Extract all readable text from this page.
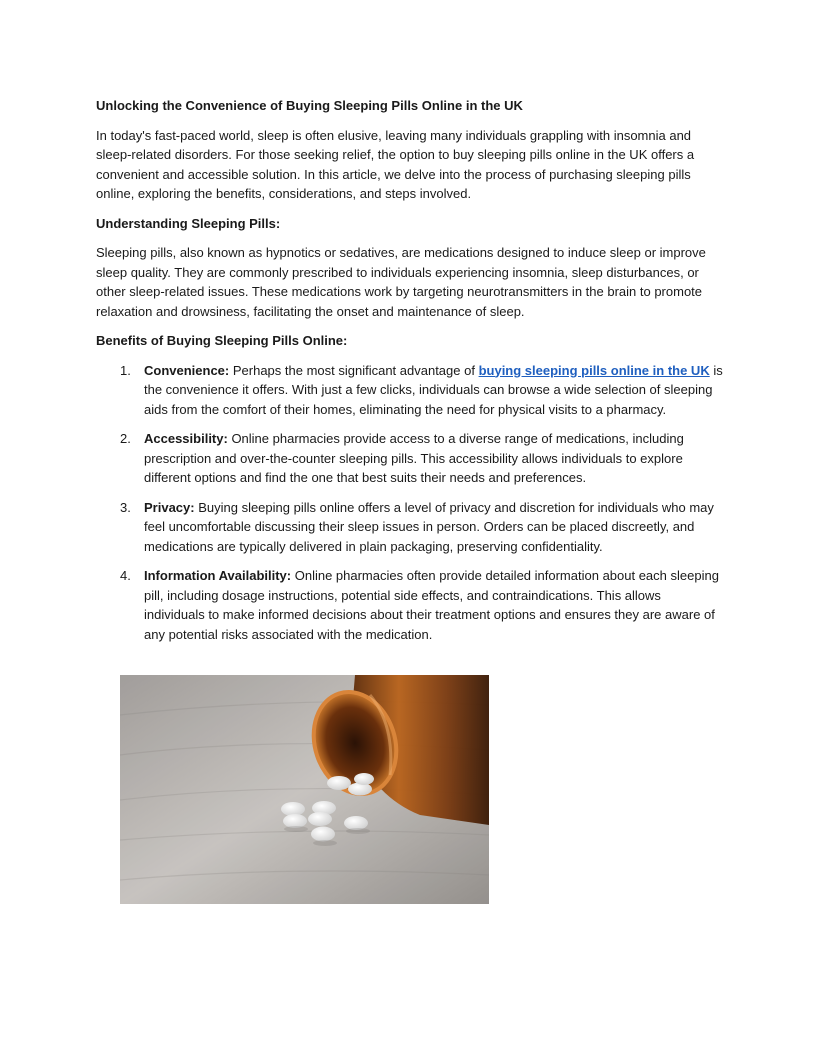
Unlocking the Convenience of Buying Sleeping Pills Online in the UK

In today's fast-paced world, sleep is often elusive, leaving many individuals grappling with insomnia and sleep-related disorders. For those seeking relief, the option to buy sleeping pills online in the UK offers a convenient and accessible solution. In this article, we delve into the process of purchasing sleeping pills online, exploring the benefits, considerations, and steps involved.

Understanding Sleeping Pills:

Sleeping pills, also known as hypnotics or sedatives, are medications designed to induce sleep or improve sleep quality. They are commonly prescribed to individuals experiencing insomnia, sleep disturbances, or other sleep-related issues. These medications work by targeting neurotransmitters in the brain to promote relaxation and drowsiness, facilitating the onset and maintenance of sleep.

Benefits of Buying Sleeping Pills Online:
1. Convenience: Perhaps the most significant advantage of buying sleeping pills online in the UK is the convenience it offers. With just a few clicks, individuals can browse a wide selection of sleeping aids from the comfort of their homes, eliminating the need for physical visits to a pharmacy.
2. Accessibility: Online pharmacies provide access to a diverse range of medications, including prescription and over-the-counter sleeping pills. This accessibility allows individuals to explore different options and find the one that best suits their needs and preferences.
3. Privacy: Buying sleeping pills online offers a level of privacy and discretion for individuals who may feel uncomfortable discussing their sleep issues in person. Orders can be placed discreetly, and medications are typically delivered in plain packaging, preserving confidentiality.
4. Information Availability: Online pharmacies often provide detailed information about each sleeping pill, including dosage instructions, potential side effects, and contraindications. This allows individuals to make informed decisions about their treatment options and ensures they are aware of any potential risks associated with the medication.
